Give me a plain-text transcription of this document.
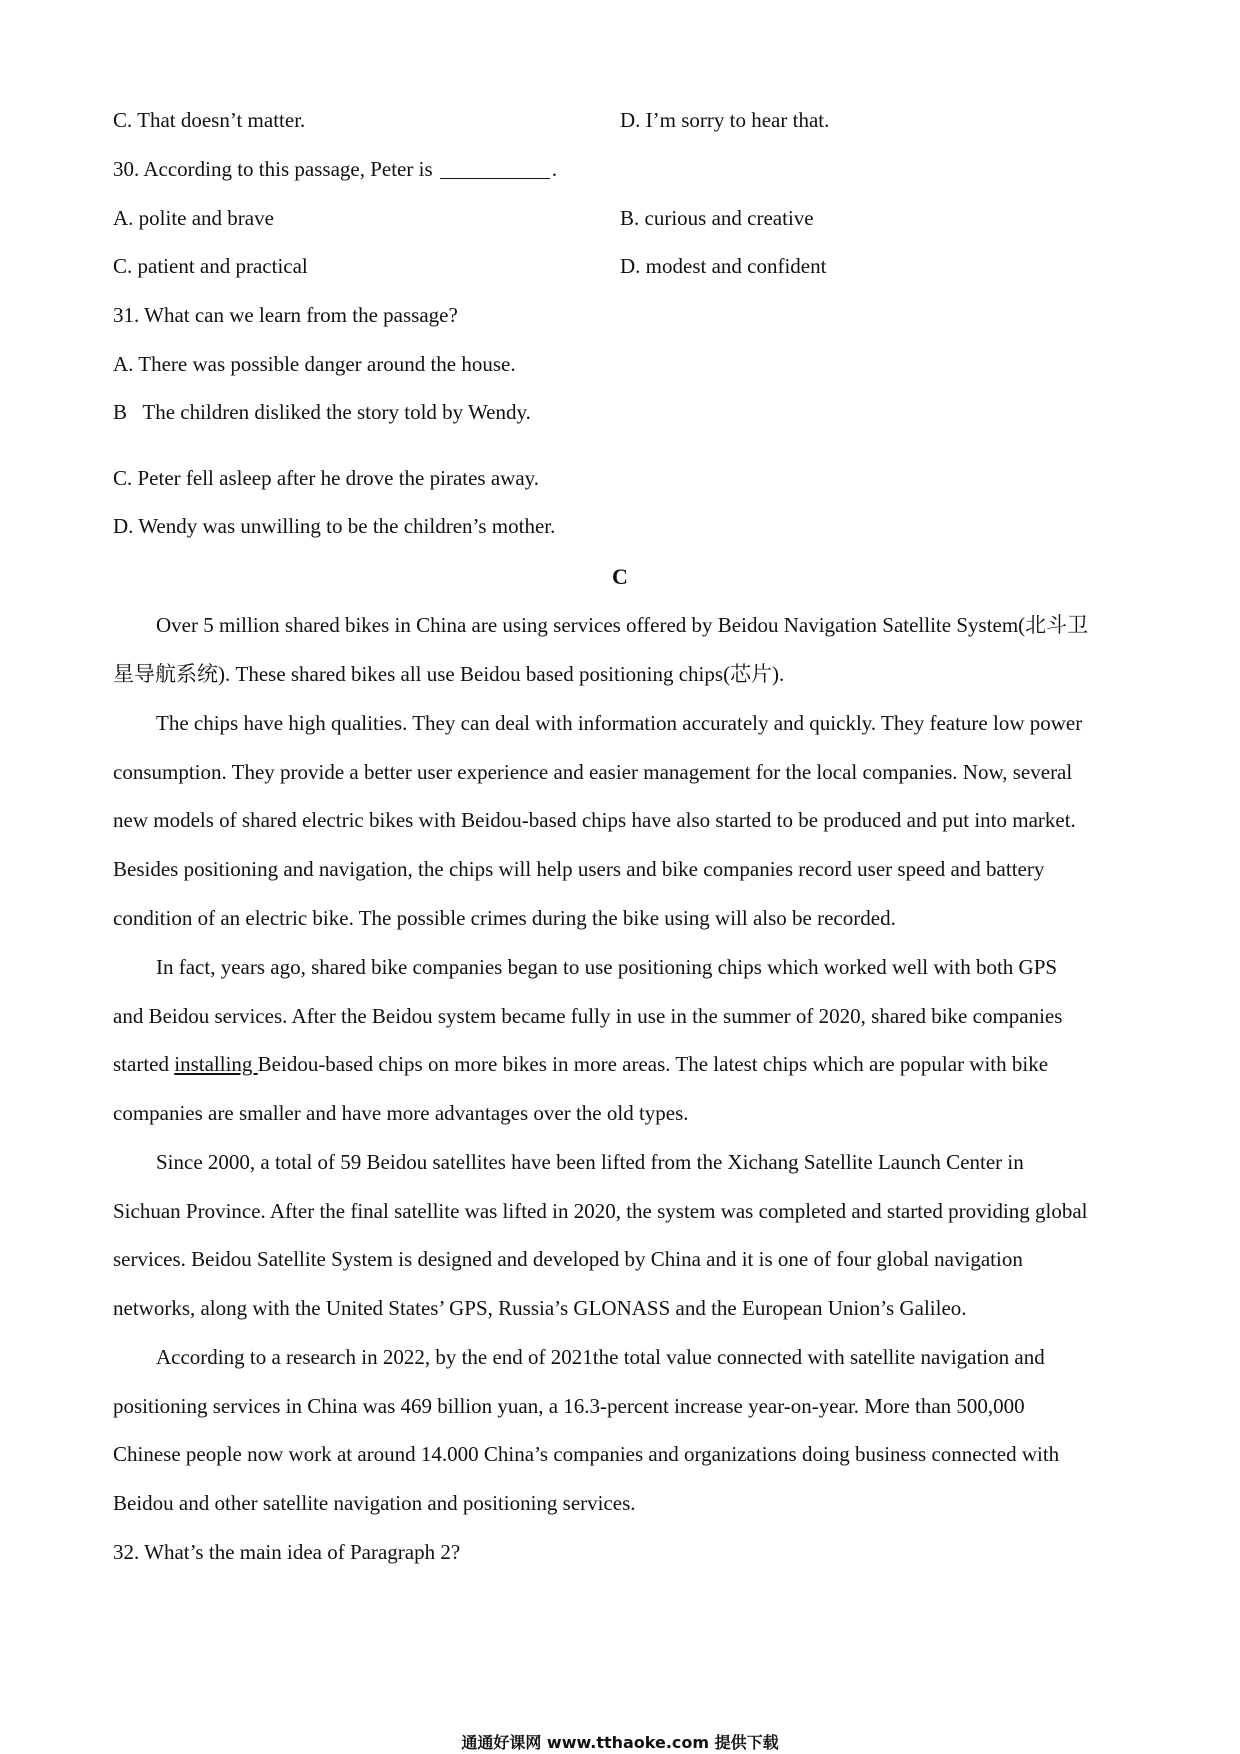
C. That doesn’t matter.	D. I’m sorry to hear that.
30. According to this passage, Peter is	.
A. polite and brave	B. curious and creative
C. patient and practical	D. modest and confident
31. What can we learn from the passage?
A. There was possible danger around the house.
B   The children disliked the story told by Wendy.
C. Peter fell asleep after he drove the pirates away.
D. Wendy was unwilling to be the children’s mother.
C
Over 5 million shared bikes in China are using services offered by Beidou Navigation Satellite System(北斗卫
星导航系统). These shared bikes all use Beidou based positioning chips(芯片).
The chips have high qualities. They can deal with information accurately and quickly. They feature low power
consumption. They provide a better user experience and easier management for the local companies. Now, several
new models of shared electric bikes with Beidou-based chips have also started to be produced and put into market.
Besides positioning and navigation, the chips will help users and bike companies record user speed and battery
condition of an electric bike. The possible crimes during the bike using will also be recorded.
In fact, years ago, shared bike companies began to use positioning chips which worked well with both GPS
and Beidou services. After the Beidou system became fully in use in the summer of 2020, shared bike companies
started installing Beidou-based chips on more bikes in more areas. The latest chips which are popular with bike
companies are smaller and have more advantages over the old types.
Since 2000, a total of 59 Beidou satellites have been lifted from the Xichang Satellite Launch Center in
Sichuan Province. After the final satellite was lifted in 2020, the system was completed and started providing global
services. Beidou Satellite System is designed and developed by China and it is one of four global navigation
networks, along with the United States’ GPS, Russia’s GLONASS and the European Union’s Galileo.
According to a research in 2022, by the end of 2021the total value connected with satellite navigation and
positioning services in China was 469 billion yuan, a 16.3-percent increase year-on-year. More than 500,000
Chinese people now work at around 14.000 China’s companies and organizations doing business connected with
Beidou and other satellite navigation and positioning services.
32. What’s the main idea of Paragraph 2?
通通好课网 www.tthaoke.com 提供下载
